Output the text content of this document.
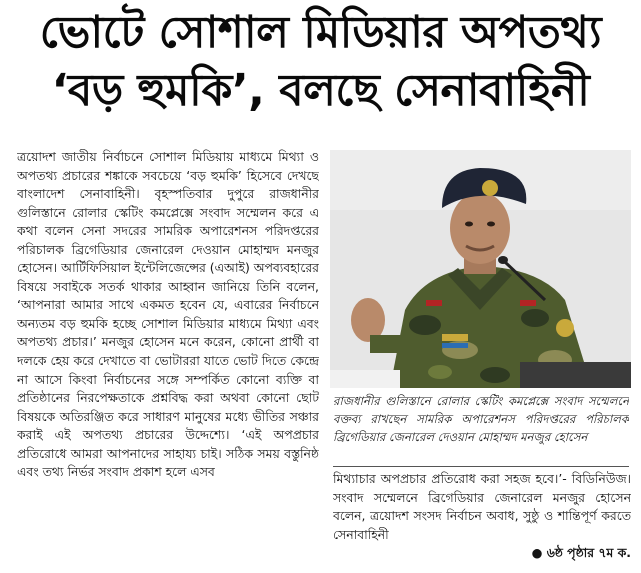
ভোটে সোশাল মিডিয়ার অপতথ্য
‘বড় হুমকি’, বলছে সেনাবাহিনী

ত্রয়োদশ জাতীয় নির্বাচনে সোশাল মিডিয়ায় মাধ্যমে মিথ্যা ও অপতথ্য প্রচারের শঙ্কাকে সবচেয়ে ‘বড় হুমকি’ হিসেবে দেখছে বাংলাদেশ সেনাবাহিনী। বৃহস্পতিবার দুপুরে রাজধানীর গুলিস্তানে রোলার স্কেটিং কমপ্লেক্সে সংবাদ সম্মেলন করে এ কথা বলেন সেনা সদরের সামরিক অপারেশনস পরিদপ্তরের পরিচালক ব্রিগেডিয়ার জেনারেল দেওয়ান মোহাম্মদ মনজুর হোসেন। আর্টিফিসিয়াল ইন্টেলিজেন্সের (এআই) অপব্যবহারের বিষয়ে সবাইকে সতর্ক থাকার আহ্বান জানিয়ে তিনি বলেন, ‘আপনারা আমার সাথে একমত হবেন যে, এবারের নির্বাচনে অন্যতম বড় হুমকি হচ্ছে সোশাল মিডিয়ার মাধ্যমে মিথ্যা এবং অপতথ্য প্রচার।’ মনজুর হোসেন মনে করেন, কোনো প্রার্থী বা দলকে হেয় করে দেখাতে বা ভোটাররা যাতে ভোট দিতে কেন্দ্রে না আসে কিংবা নির্বাচনের সঙ্গে সম্পর্কিত কোনো ব্যক্তি বা প্রতিষ্ঠানের নিরপেক্ষতাকে প্রশ্নবিদ্ধ করা অথবা কোনো ছোট বিষয়কে অতিরঞ্জিত করে সাধারণ মানুষের মধ্যে ভীতির সঞ্চার করাই এই অপতথ্য প্রচারের উদ্দেশ্যে। ‘এই অপপ্রচার প্রতিরোধে আমরা আপনাদের সাহায্য চাই। সঠিক সময় বস্তুনিষ্ঠ এবং তথ্য নির্ভর সংবাদ প্রকাশ হলে এসব

রাজধানীর গুলিস্তানে রোলার স্কেটিং কমপ্লেক্সে সংবাদ সম্মেলনে বক্তব্য রাখছেন সামরিক অপারেশনস পরিদপ্তরের পরিচালক ব্রিগেডিয়ার জেনারেল দেওয়ান মোহাম্মদ মনজুর হোসেন

মিথ্যাচার অপপ্রচার প্রতিরোধ করা সহজ হবে।’- বিডিনিউজ। সংবাদ সম্মেলনে ব্রিগেডিয়ার জেনারেল মনজুর হোসেন বলেন, ত্রয়োদশ সংসদ নির্বাচন অবাধ, সুষ্ঠু ও শান্তিপূর্ণ করতে সেনাবাহিনী

● ৬ষ্ঠ পৃষ্ঠার ৭ম ক.
